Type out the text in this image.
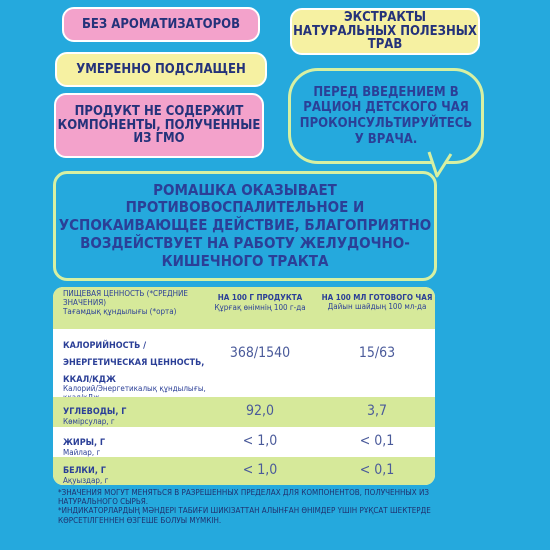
БЕЗ АРОМАТИЗАТОРОВ
УМЕРЕННО ПОДСЛАЩЕН
ПРОДУКТ НЕ СОДЕРЖИТ КОМПОНЕНТЫ, ПОЛУЧЕННЫЕ ИЗ ГМО
ЭКСТРАКТЫ НАТУРАЛЬНЫХ ПОЛЕЗНЫХ ТРАВ
ПЕРЕД ВВЕДЕНИЕМ В РАЦИОН ДЕТСКОГО ЧАЯ ПРОКОНСУЛЬТИРУЙТЕСЬ У ВРАЧА.
РОМАШКА ОКАЗЫВАЕТ ПРОТИВОВОСПАЛИТЕЛЬНОЕ И УСПОКАИВАЮЩЕЕ ДЕЙСТВИЕ, БЛАГОПРИЯТНО ВОЗДЕЙСТВУЕТ НА РАБОТУ ЖЕЛУДОЧНО-КИШЕЧНОГО ТРАКТА
ПИЩЕВАЯ ЦЕННОСТЬ (*СРЕДНИЕ ЗНАЧЕНИЯ)
Тағамдық құндылығы (*орта)
НА 100 Г ПРОДУКТА
Құрғақ өнімнің 100 г-да
НА 100 МЛ ГОТОВОГО ЧАЯ
Дайын шайдың 100 мл-да
КАЛОРИЙНОСТЬ /ЭНЕРГЕТИЧЕСКАЯ ЦЕННОСТЬ, ККАЛ/КДЖ
Калорий/Энергетикалық құндылығы,
368/1540	15/63
УГЛЕВОДЫ, Г
Көмірсулар, г
92,0	3,7
ЖИРЫ, Г
Майлар, г
< 1,0	< 0,1
БЕЛКИ, Г
Ақуыздар, г
< 1,0	< 0,1

*ЗНАЧЕНИЯ МОГУТ МЕНЯТЬСЯ В РАЗРЕШЕННЫХ ПРЕДЕЛАХ ДЛЯ КОМПОНЕНТОВ, ПОЛУЧЕННЫХ ИЗ НАТУРАЛЬНОГО СЫРЬЯ.

*ИНДИКАТОРЛАРДЫҢ МӘНДЕРІ ТАБИҒИ ШИКІЗАТТАН АЛЫНҒАН ӨНІМДЕР ҮШІН РҰҚСАТ ШЕКТЕРДЕ КӨРСЕТІЛГЕННЕН ӨЗГЕШЕ БОЛУЫ МҮМКІН.
